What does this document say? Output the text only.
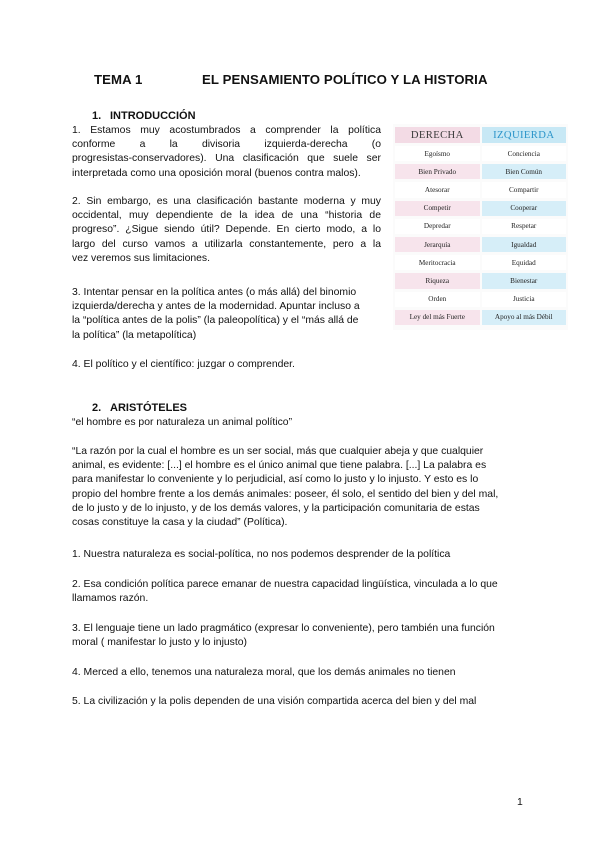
TEMA 1	EL PENSAMIENTO POLÍTICO Y LA HISTORIA
1. INTRODUCCIÓN
1. Estamos muy acostumbrados a comprender la política
conforme a la divisoria izquierda-derecha (o
progresistas-conservadores). Una clasificación que suele ser
interpretada como una oposición moral (buenos contra malos).
2. Sin embargo, es una clasificación bastante moderna y muy
occidental, muy dependiente de la idea de una “historia de
progreso”. ¿Sigue siendo útil? Depende. En cierto modo, a lo
largo del curso vamos a utilizarla constantemente, pero a la
vez veremos sus limitaciones.
3. Intentar pensar en la política antes (o más allá) del binomio
izquierda/derecha y antes de la modernidad. Apuntar incluso a
la “política antes de la polis” (la paleopolítica) y el “más allá de
la política” (la metapolítica)
4. El político y el científico: juzgar o comprender.
DERECHA	IZQUIERDA
Egoísmo	Conciencia
Bien Privado	Bien Común
Atesorar	Compartir
Competir	Cooperar
Depredar	Respetar
Jerarquía	Igualdad
Meritocracia	Equidad
Riqueza	Bienestar
Orden	Justicia
Ley del más Fuerte	Apoyo al más Débil
2. ARISTÓTELES
“el hombre es por naturaleza un animal político”
“La razón por la cual el hombre es un ser social, más que cualquier abeja y que cualquier
animal, es evidente: [...] el hombre es el único animal que tiene palabra. [...] La palabra es
para manifestar lo conveniente y lo perjudicial, así como lo justo y lo injusto. Y esto es lo
propio del hombre frente a los demás animales: poseer, él solo, el sentido del bien y del mal,
de lo justo y de lo injusto, y de los demás valores, y la participación comunitaria de estas
cosas constituye la casa y la ciudad” (Política).
1. Nuestra naturaleza es social-política, no nos podemos desprender de la política
2. Esa condición política parece emanar de nuestra capacidad lingüística, vinculada a lo que
llamamos razón.
3. El lenguaje tiene un lado pragmático (expresar lo conveniente), pero también una función
moral ( manifestar lo justo y lo injusto)
4. Merced a ello, tenemos una naturaleza moral, que los demás animales no tienen
5. La civilización y la polis dependen de una visión compartida acerca del bien y del mal
1
